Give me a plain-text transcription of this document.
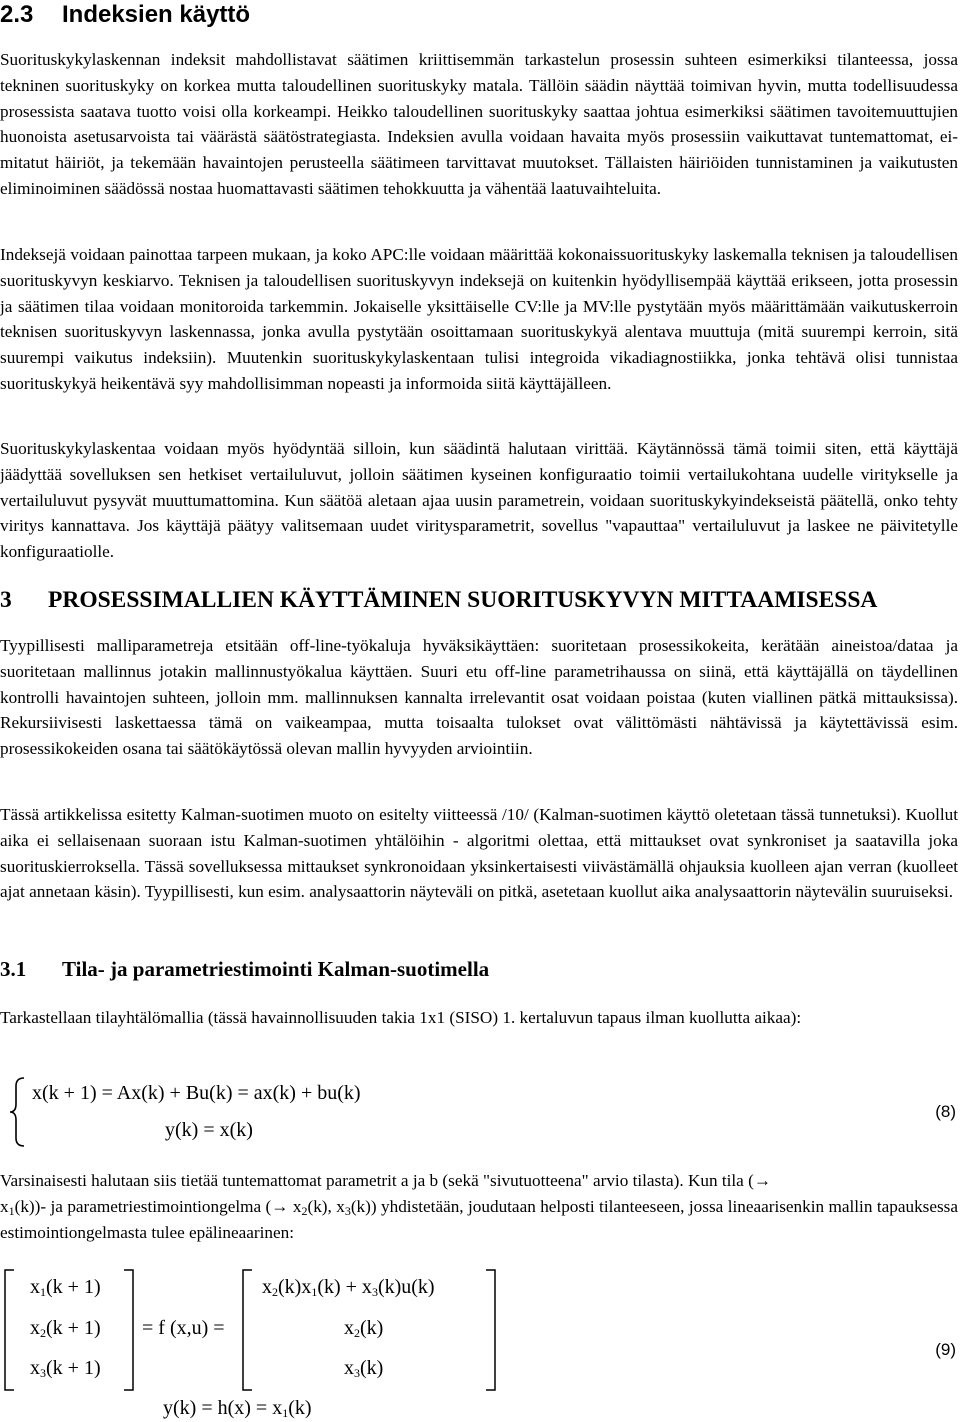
2.3 Indeksien käyttö

Suorituskykylaskennan indeksit mahdollistavat säätimen kriittisemmän tarkastelun prosessin suhteen esimerkiksi tilanteessa, jossa tekninen suorituskyky on korkea mutta taloudellinen suorituskyky matala. Tällöin säädin näyttää toimivan hyvin, mutta todellisuudessa prosessista saatava tuotto voisi olla korkeampi. Heikko taloudellinen suorituskyky saattaa johtua esimerkiksi säätimen tavoitemuuttujien huonoista asetusarvoista tai väärästä säätöstrategiasta. Indeksien avulla voidaan havaita myös prosessiin vaikuttavat tuntemattomat, ei-mitatut häiriöt, ja tekemään havaintojen perusteella säätimeen tarvittavat muutokset. Tällaisten häiriöiden tunnistaminen ja vaikutusten eliminoiminen säädössä nostaa huomattavasti säätimen tehokkuutta ja vähentää laatuvaihteluita.

Indeksejä voidaan painottaa tarpeen mukaan, ja koko APC:lle voidaan määrittää kokonaissuorituskyky laskemalla teknisen ja taloudellisen suorituskyvyn keskiarvo. Teknisen ja taloudellisen suorituskyvyn indeksejä on kuitenkin hyödyllisempää käyttää erikseen, jotta prosessin ja säätimen tilaa voidaan monitoroida tarkemmin. Jokaiselle yksittäiselle CV:lle ja MV:lle pystytään myös määrittämään vaikutuskerroin teknisen suorituskyvyn laskennassa, jonka avulla pystytään osoittamaan suorituskykyä alentava muuttuja (mitä suurempi kerroin, sitä suurempi vaikutus indeksiin). Muutenkin suorituskykylaskentaan tulisi integroida vikadiagnostiikka, jonka tehtävä olisi tunnistaa suorituskykyä heikentävä syy mahdollisimman nopeasti ja informoida siitä käyttäjälleen.

Suorituskykylaskentaa voidaan myös hyödyntää silloin, kun säädintä halutaan virittää. Käytännössä tämä toimii siten, että käyttäjä jäädyttää sovelluksen sen hetkiset vertailuluvut, jolloin säätimen kyseinen konfiguraatio toimii vertailukohtana uudelle viritykselle ja vertailuluvut pysyvät muuttumattomina. Kun säätöä aletaan ajaa uusin parametrein, voidaan suorituskykyindekseistä päätellä, onko tehty viritys kannattava. Jos käyttäjä päätyy valitsemaan uudet viritysparametrit, sovellus "vapauttaa" vertailuluvut ja laskee ne päivitetylle konfiguraatiolle.

3 PROSESSIMALLIEN KÄYTTÄMINEN SUORITUSKYVYN MITTAAMISESSA

Tyypillisesti malliparametreja etsitään off-line-työkaluja hyväksikäyttäen: suoritetaan prosessikokeita, kerätään aineistoa/dataa ja suoritetaan mallinnus jotakin mallinnustyökalua käyttäen. Suuri etu off-line parametrihaussa on siinä, että käyttäjällä on täydellinen kontrolli havaintojen suhteen, jolloin mm. mallinnuksen kannalta irrelevantit osat voidaan poistaa (kuten viallinen pätkä mittauksissa). Rekursiivisesti laskettaessa tämä on vaikeampaa, mutta toisaalta tulokset ovat välittömästi nähtävissä ja käytettävissä esim. prosessikokeiden osana tai säätökäytössä olevan mallin hyvyyden arviointiin.

Tässä artikkelissa esitetty Kalman-suotimen muoto on esitelty viitteessä /10/ (Kalman-suotimen käyttö oletetaan tässä tunnetuksi). Kuollut aika ei sellaisenaan suoraan istu Kalman-suotimen yhtälöihin - algoritmi olettaa, että mittaukset ovat synkroniset ja saatavilla joka suorituskierroksella. Tässä sovelluksessa mittaukset synkronoidaan yksinkertaisesti viivästämällä ohjauksia kuolleen ajan verran (kuolleet ajat annetaan käsin). Tyypillisesti, kun esim. analysaattorin näyteväli on pitkä, asetetaan kuollut aika analysaattorin näytevälin suuruiseksi.

3.1 Tila- ja parametriestimointi Kalman-suotimella

Tarkastellaan tilayhtälömallia (tässä havainnollisuuden takia 1x1 (SISO) 1. kertaluvun tapaus ilman kuollutta aikaa):

x(k + 1) = Ax(k) + Bu(k) = ax(k) + bu(k)
y(k) = x(k)
(8)

Varsinaisesti halutaan siis tietää tuntemattomat parametrit a ja b (sekä "sivutuotteena" arvio tilasta). Kun tila (→
$x_1(k))-$ ja parametriestimointiongelma (→ $x_2(k)$, $x_3(k)$) yhdistetään, joudutaan helposti tilanteeseen, jossa lineaarisenkin mallin tapauksessa estimointiongelmasta tulee epälineaarinen:

$x_1(k + 1)$
$x_2(k + 1)$
$x_3(k + 1)$
= f (x,u) =
$x_2(k)x_1(k) + x_3(k)u(k)$
$x_2(k)$
$x_3(k)$
$y(k) = h(x) = x_1(k)$
(9)
